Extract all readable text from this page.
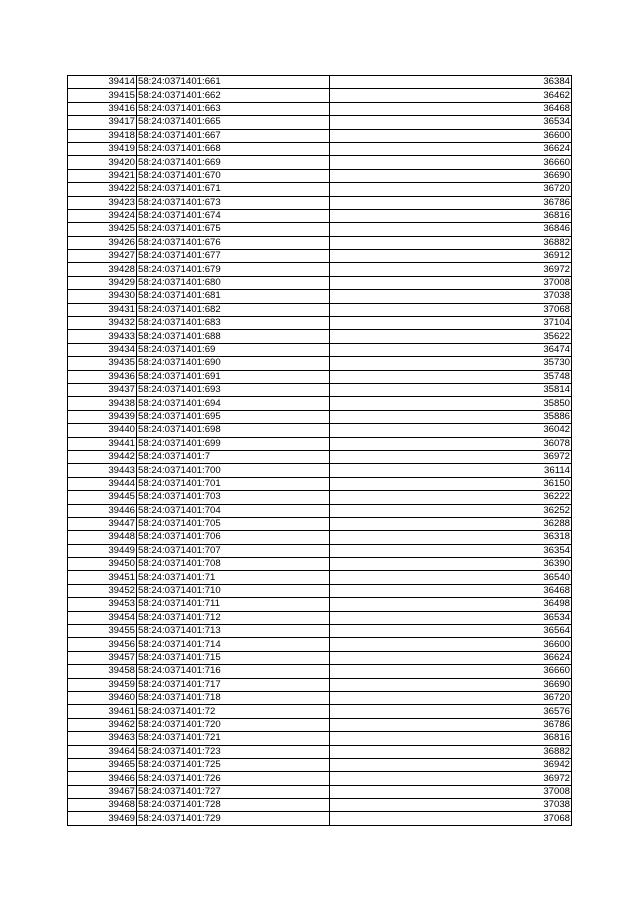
39414	58:24:0371401:661	36384
39415	58:24:0371401:662	36462
39416	58:24:0371401:663	36468
39417	58:24:0371401:665	36534
39418	58:24:0371401:667	36600
39419	58:24:0371401:668	36624
39420	58:24:0371401:669	36660
39421	58:24:0371401:670	36690
39422	58:24:0371401:671	36720
39423	58:24:0371401:673	36786
39424	58:24:0371401:674	36816
39425	58:24:0371401:675	36846
39426	58:24:0371401:676	36882
39427	58:24:0371401:677	36912
39428	58:24:0371401:679	36972
39429	58:24:0371401:680	37008
39430	58:24:0371401:681	37038
39431	58:24:0371401:682	37068
39432	58:24:0371401:683	37104
39433	58:24:0371401:688	35622
39434	58:24:0371401:69	36474
39435	58:24:0371401:690	35730
39436	58:24:0371401:691	35748
39437	58:24:0371401:693	35814
39438	58:24:0371401:694	35850
39439	58:24:0371401:695	35886
39440	58:24:0371401:698	36042
39441	58:24:0371401:699	36078
39442	58:24:0371401:7	36972
39443	58:24:0371401:700	36114
39444	58:24:0371401:701	36150
39445	58:24:0371401:703	36222
39446	58:24:0371401:704	36252
39447	58:24:0371401:705	36288
39448	58:24:0371401:706	36318
39449	58:24:0371401:707	36354
39450	58:24:0371401:708	36390
39451	58:24:0371401:71	36540
39452	58:24:0371401:710	36468
39453	58:24:0371401:711	36498
39454	58:24:0371401:712	36534
39455	58:24:0371401:713	36564
39456	58:24:0371401:714	36600
39457	58:24:0371401:715	36624
39458	58:24:0371401:716	36660
39459	58:24:0371401:717	36690
39460	58:24:0371401:718	36720
39461	58:24:0371401:72	36576
39462	58:24:0371401:720	36786
39463	58:24:0371401:721	36816
39464	58:24:0371401:723	36882
39465	58:24:0371401:725	36942
39466	58:24:0371401:726	36972
39467	58:24:0371401:727	37008
39468	58:24:0371401:728	37038
39469	58:24:0371401:729	37068
